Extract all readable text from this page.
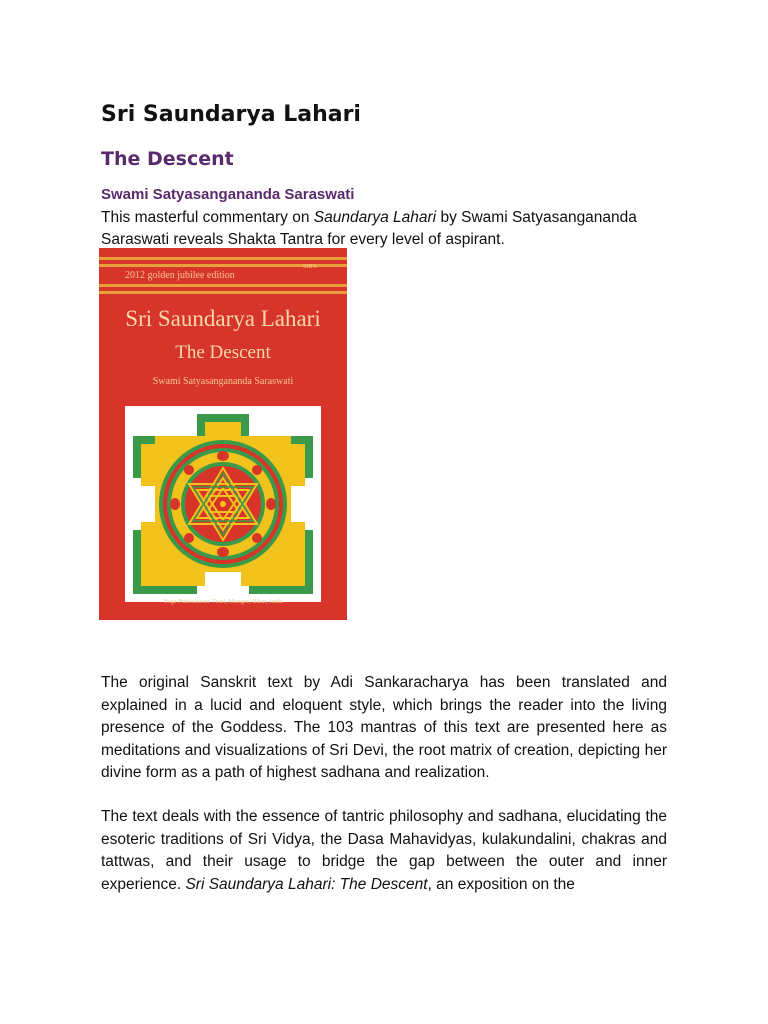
Sri Saundarya Lahari
The Descent
Swami Satyasangananda Saraswati

This masterful commentary on Saundarya Lahari by Swami Satyasangananda Saraswati reveals Shakta Tantra for every level of aspirant.

2012 golden jubilee edition
ISBN
Sri Saundarya Lahari
The Descent
Swami Satyasangananda Saraswati
Yoga Publications Trust, Munger, Bihar, India

The original Sanskrit text by Adi Sankaracharya has been translated and explained in a lucid and eloquent style, which brings the reader into the living presence of the Goddess. The 103 mantras of this text are presented here as meditations and visualizations of Sri Devi, the root matrix of creation, depicting her divine form as a path of highest sadhana and realization.

The text deals with the essence of tantric philosophy and sadhana, elucidating the esoteric traditions of Sri Vidya, the Dasa Mahavidyas, kulakundalini, chakras and tattwas, and their usage to bridge the gap between the outer and inner experience. Sri Saundarya Lahari: The Descent, an exposition on the
